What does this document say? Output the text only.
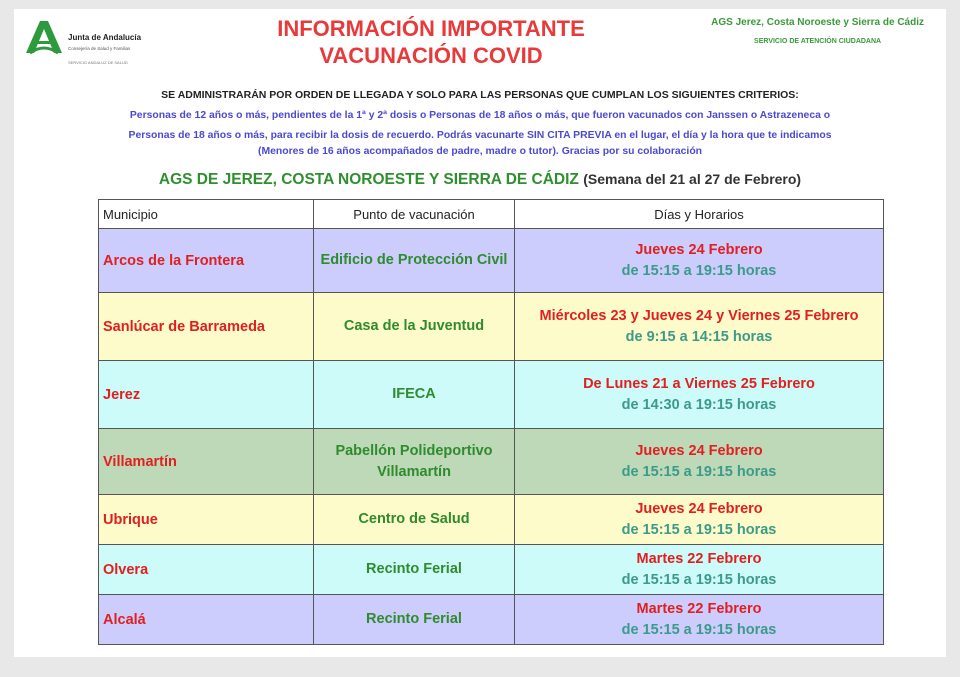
Junta de Andalucía
Consejería de Salud y Familias
SERVICIO ANDALUZ DE SALUD
INFORMACIÓN IMPORTANTE
VACUNACIÓN COVID
AGS Jerez, Costa Noroeste y Sierra de Cádiz
SERVICIO DE ATENCIÓN CIUDADANA
SE ADMINISTRARÁN POR ORDEN DE LLEGADA Y SOLO PARA LAS PERSONAS QUE CUMPLAN LOS SIGUIENTES CRITERIOS:
Personas de 12 años o más, pendientes de la 1ª y 2ª dosis o Personas de 18 años o más, que fueron vacunados con Janssen o Astrazeneca o
Personas de 18 años o más, para recibir la dosis de recuerdo. Podrás vacunarte SIN CITA PREVIA en el lugar, el día y la hora que te indicamos
(Menores de 16 años acompañados de padre, madre o tutor). Gracias por su colaboración
AGS DE JEREZ, COSTA NOROESTE Y SIERRA DE CÁDIZ (Semana del 21 al 27 de Febrero)
Municipio	Punto de vacunación	Días y Horarios
Arcos de la Frontera	Edificio de Protección Civil	Jueves 24 Febrero
de 15:15 a 19:15 horas

Sanlúcar de Barrameda	Casa de la Juventud	Miércoles 23 y Jueves 24 y Viernes 25 Febrero
de 9:15 a 14:15 horas

Jerez	IFECA	De Lunes 21 a Viernes 25 Febrero
de 14:30 a 19:15 horas

Villamartín	Pabellón Polideportivo Villamartín	Jueves 24 Febrero
de 15:15 a 19:15 horas

Ubrique	Centro de Salud	Jueves 24 Febrero
de 15:15 a 19:15 horas

Olvera	Recinto Ferial	Martes 22 Febrero
de 15:15 a 19:15 horas

Alcalá	Recinto Ferial	Martes 22 Febrero
de 15:15 a 19:15 horas
